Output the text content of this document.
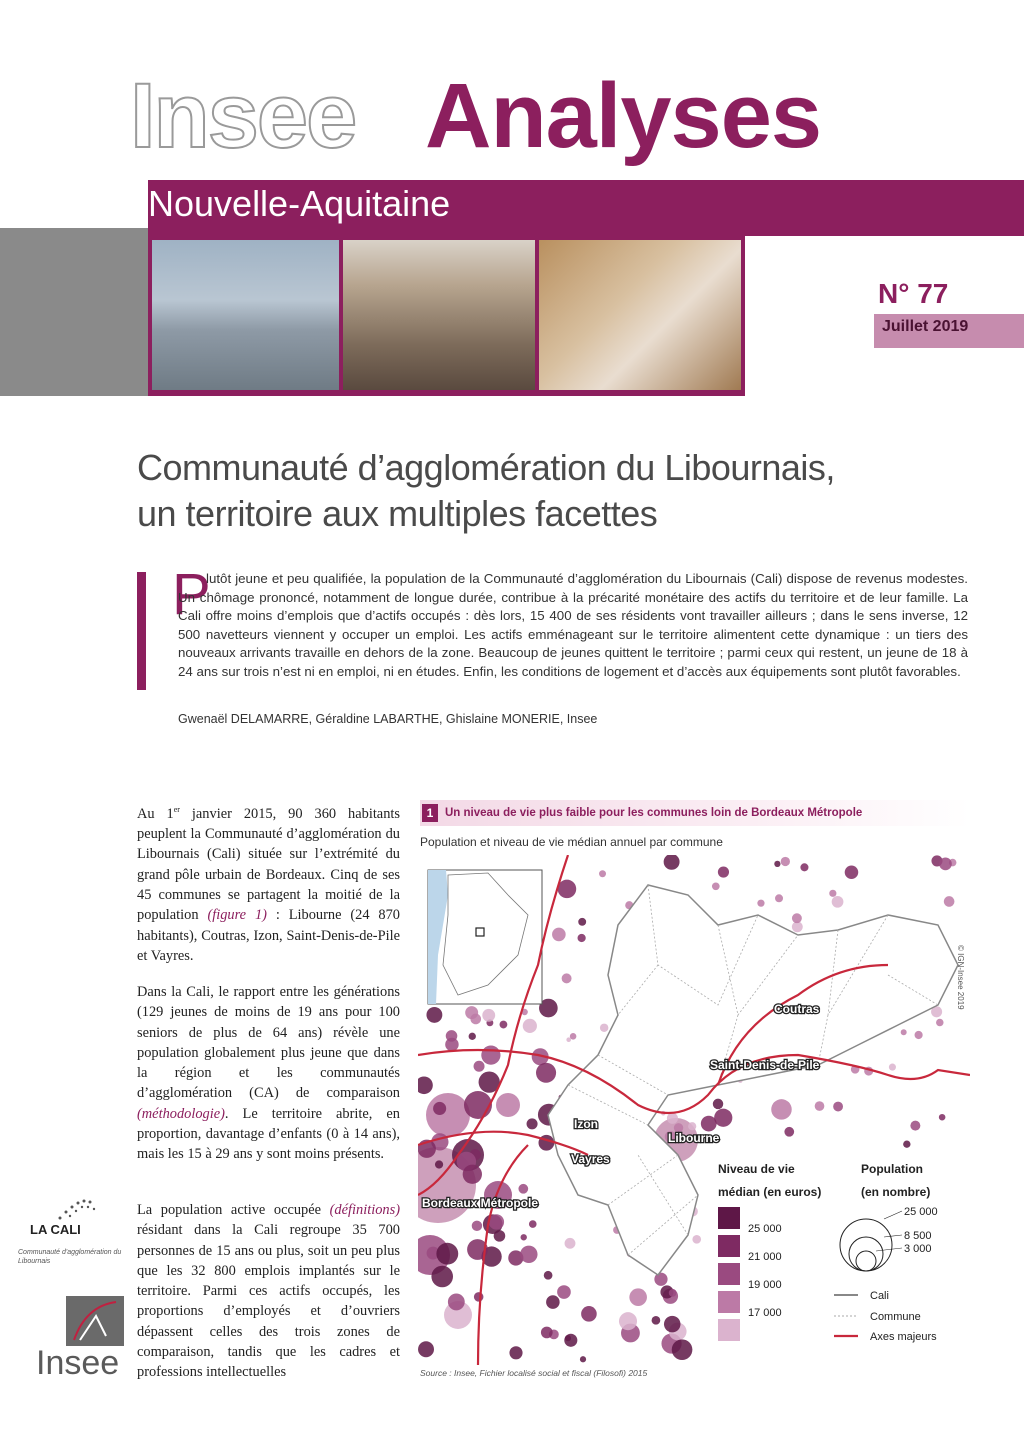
Insee Analyses
Nouvelle-Aquitaine
N° 77
Juillet 2019
Communauté d’agglomération du Libournais,
un territoire aux multiples facettes
P
lutôt jeune et peu qualifiée, la population de la Communauté d’agglomération du Libournais (Cali) dispose de revenus modestes. Un chômage prononcé, notamment de longue durée, contribue à la précarité monétaire des actifs du territoire et de leur famille. La Cali offre moins d’emplois que d’actifs occupés : dès lors, 15 400 de ses résidents vont travailler ailleurs ; dans le sens inverse, 12 500 navetteurs viennent y occuper un emploi. Les actifs emménageant sur le territoire alimentent cette dynamique : un tiers des nouveaux arrivants travaille en dehors de la zone. Beaucoup de jeunes quittent le territoire ; parmi ceux qui restent, un jeune de 18 à 24 ans sur trois n’est ni en emploi, ni en études. Enfin, les conditions de logement et d’accès aux équipements sont plutôt favorables.
Gwenaël DELAMARRE, Géraldine LABARTHE, Ghislaine MONERIE, Insee
Au 1er janvier 2015, 90 360 habitants peuplent la Communauté d’agglomération du Libournais (Cali) située sur l’extrémité du grand pôle urbain de Bordeaux. Cinq de ses 45 communes se partagent la moitié de la population (figure 1) : Libourne (24 870 habitants), Coutras, Izon, Saint-Denis-de-Pile et Vayres.
Dans la Cali, le rapport entre les générations (129 jeunes de moins de 19 ans pour 100 seniors de plus de 64 ans) révèle une population globalement plus jeune que dans la région et les communautés d’agglomération (CA) de comparaison (méthodologie). Le territoire abrite, en proportion, davantage d’enfants (0 à 14 ans), mais les 15 à 29 ans y sont moins présents.
La population active occupée (définitions) résidant dans la Cali regroupe 35 700 personnes de 15 ans ou plus, soit un peu plus que les 32 800 emplois implantés sur le territoire. Parmi ces actifs occupés, les proportions d’employés et d’ouvriers dépassent celles des trois zones de comparaison, tandis que les cadres et professions intellectuelles
LA CALI
Communauté d'agglomération du Libournais
Insee
1	Un niveau de vie plus faible pour les communes loin de Bordeaux Métropole
Population et niveau de vie médian annuel par commune
Coutras
Saint-Denis-de-Pile
Izon
Libourne
Vayres
Bordeaux Métropole
© IGN-Insee 2019
Niveau de vie
médian (en euros)
25 000
21 000
19 000
17 000
Population
(en nombre)
25 000
8 500
3 000
Cali
Commune
Axes majeurs
Source : Insee, Fichier localisé social et fiscal (Filosofi) 2015
